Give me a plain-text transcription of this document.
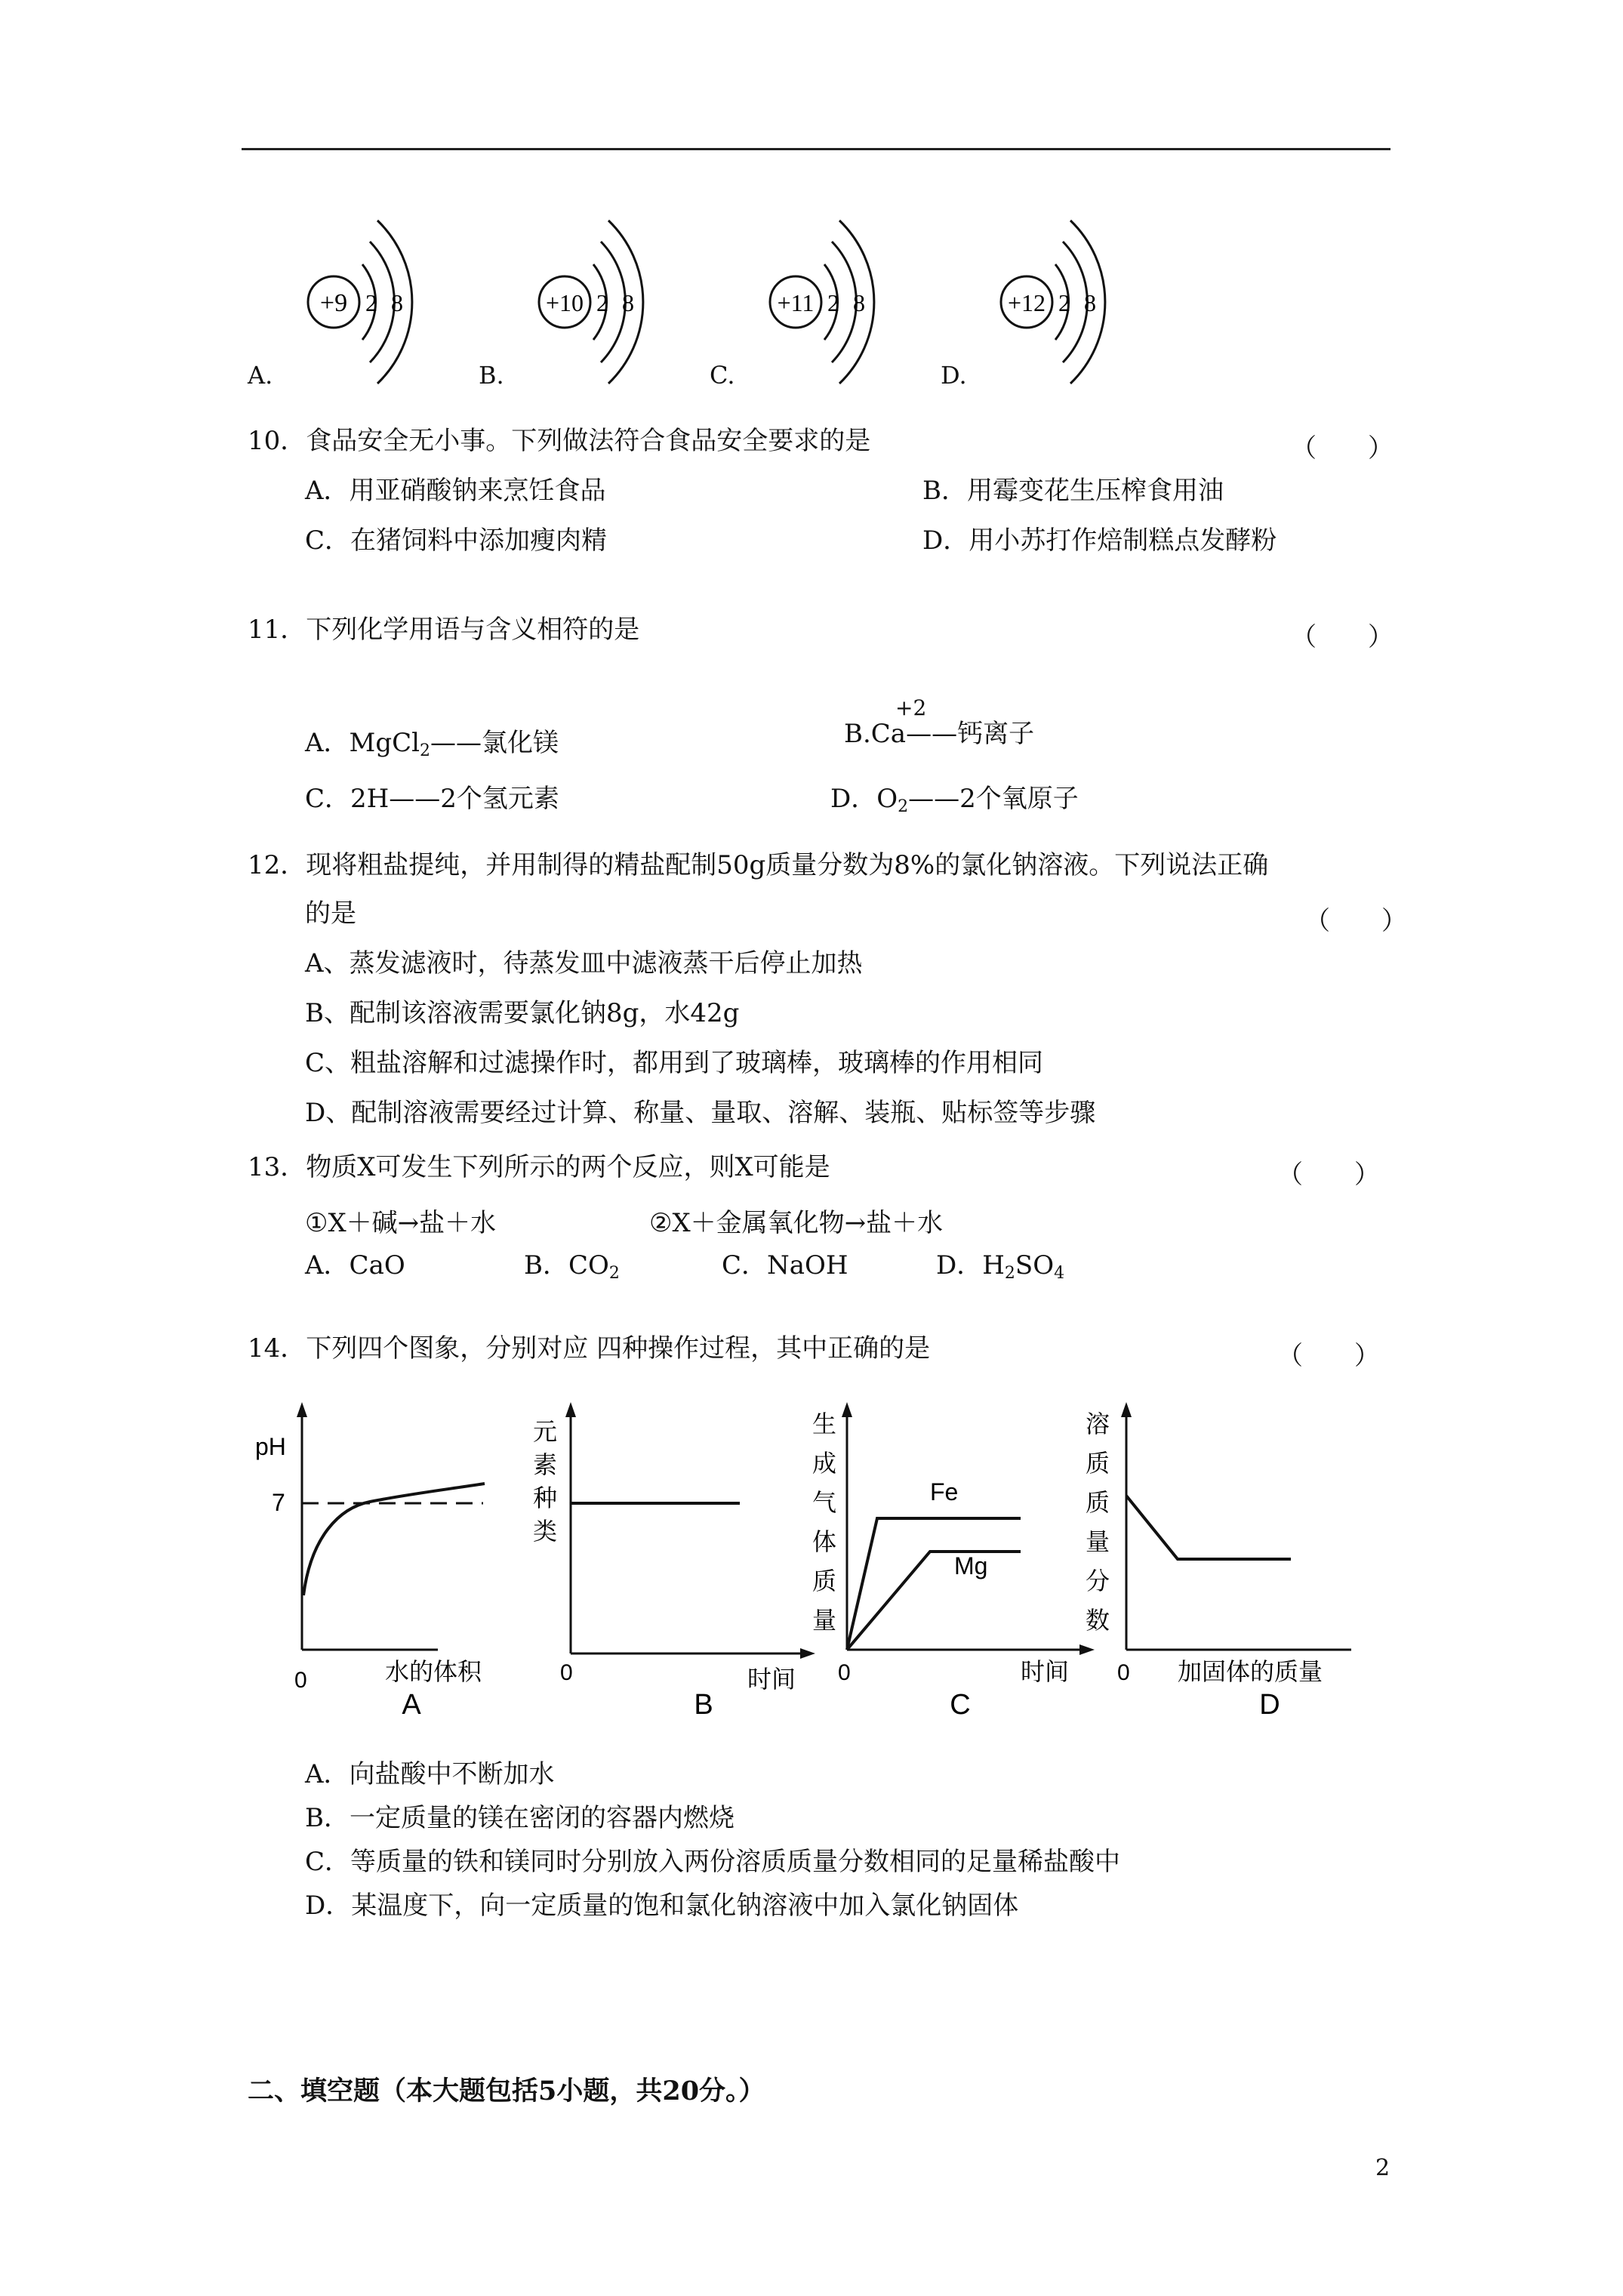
+9 2 8	+10 2 8	+11 2 8	+12 2 8
A.	B.	C.	D.
10．食品安全无小事。下列做法符合食品安全要求的是	（　　）
A．用亚硝酸钠来烹饪食品	B．用霉变花生压榨食用油
C．在猪饲料中添加瘦肉精	D．用小苏打作焙制糕点发酵粉
11．下列化学用语与含义相符的是	（　　）
A．MgCl$_2$——氯化镁
+2
B.Ca——钙离子
C．2H——2个氢元素	D．$O_2——2$个氧原子
12．现将粗盐提纯，并用制得的精盐配制50g质量分数为8%的氯化钠溶液。下列说法正确
的是	（　　）
A、蒸发滤液时，待蒸发皿中滤液蒸干后停止加热
B、配制该溶液需要氯化钠8g，水42g
C、粗盐溶解和过滤操作时，都用到了玻璃棒，玻璃棒的作用相同
D、配制溶液需要经过计算、称量、量取、溶解、装瓶、贴标签等步骤
13．物质X可发生下列所示的两个反应，则X可能是	（　　）
①X＋碱→盐＋水	②X＋金属氧化物→盐＋水
A．CaO	B．$CO_2$	C．NaOH	D．$H_2SO_4$
14．下列四个图象，分别对应 四种操作过程，其中正确的是	（　　）
pH
7
0	水的体积
A
元
素
种
类
0	时间
B
生
成
气
体
质
量
Fe
Mg
0	时间
C
溶
质
质
量
分
数
0 加固体的质量
D
A．向盐酸中不断加水
B．一定质量的镁在密闭的容器内燃烧
C．等质量的铁和镁同时分别放入两份溶质质量分数相同的足量稀盐酸中
D．某温度下，向一定质量的饱和氯化钠溶液中加入氯化钠固体
二、填空题（本大题包括5小题，共20分。）
2
